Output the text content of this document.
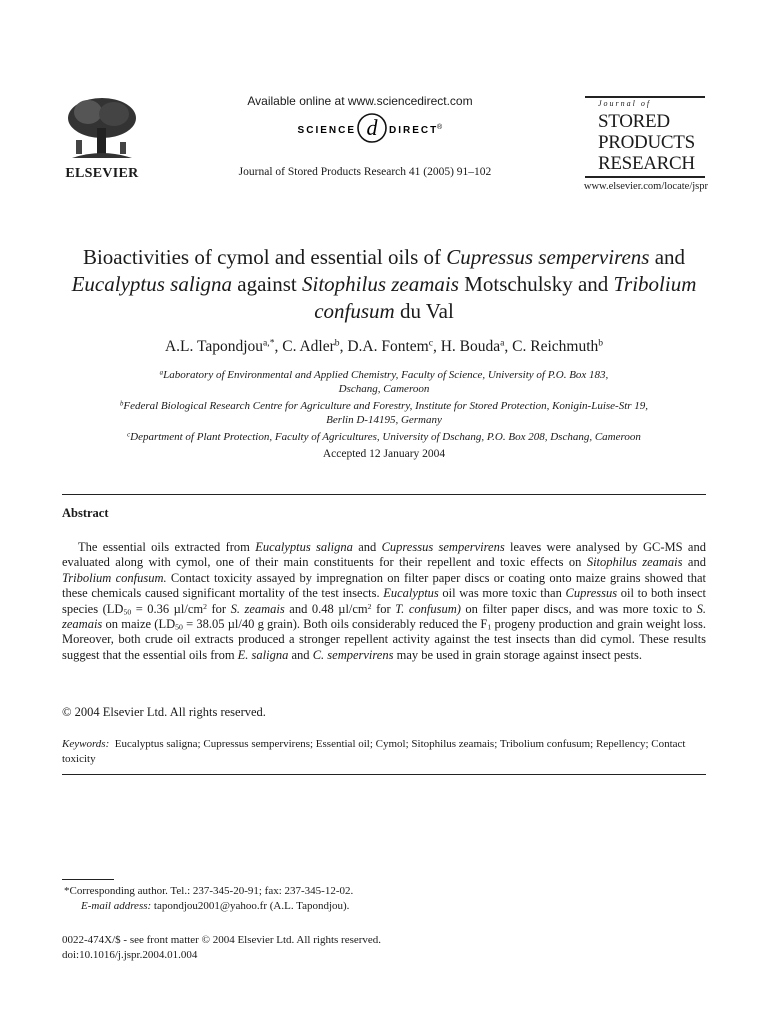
ELSEVIER
Available online at www.sciencedirect.com
SCIENCE d DIRECT
®
Journal of Stored Products Research 41 (2005) 91–102
Journal of
STORED
PRODUCTS
RESEARCH
www.elsevier.com/locate/jspr
Bioactivities of cymol and essential oils of Cupressus sempervirens and Eucalyptus saligna against Sitophilus zeamais Motschulsky and Tribolium confusum du Val
A.L. Tapondjou$^{a,*}$, C. Adler$^b$, D.A. Fontem$^c$, H. Bouda$^a$, C. Reichmuth$^b$
$^a$Laboratory of Environmental and Applied Chemistry, Faculty of Science, University of P.O. Box 183,
Dschang, Cameroon
$^b$Federal Biological Research Centre for Agriculture and Forestry, Institute for Stored Protection, Konigin-Luise-Str 19,
Berlin D-14195, Germany
$^c$Department of Plant Protection, Faculty of Agricultures, University of Dschang, P.O. Box 208, Dschang, Cameroon
Accepted 12 January 2004
Abstract

The essential oils extracted from Eucalyptus saligna and Cupressus sempervirens leaves were analysed by GC-MS and evaluated along with cymol, one of their main constituents for their repellent and toxic effects on Sitophilus zeamais and Tribolium confusum. Contact toxicity assayed by impregnation on filter paper discs or coating onto maize grains showed that these chemicals caused significant mortality of the test insects. Eucalyptus oil was more toxic than Cupressus oil to both insect species ($LD_{50} = 0.36$ $\mu l/cm^2$ for S. zeamais and 0.48 $\mu l/cm^2$ for T. confusum) on filter paper discs, and was more toxic to S. zeamais on maize ($LD_{50} = 38.05$ µl/40 g grain). Both oils considerably reduced the $F_1$ progeny production and grain weight loss. Moreover, both crude oil extracts produced a stronger repellent activity against the test insects than did cymol. These results suggest that the essential oils from E. saligna and C. sempervirens may be used in grain storage against insect pests.

© 2004 Elsevier Ltd. All rights reserved.
Keywords: Eucalyptus saligna; Cupressus sempervirens; Essential oil; Cymol; Sitophilus zeamais; Tribolium confusum; Repellency; Contact toxicity
*Corresponding author. Tel.: 237-345-20-91; fax: 237-345-12-02.
E-mail address: tapondjou2001@yahoo.fr (A.L. Tapondjou).
0022-474X/$ - see front matter © 2004 Elsevier Ltd. All rights reserved.
doi:10.1016/j.jspr.2004.01.004
